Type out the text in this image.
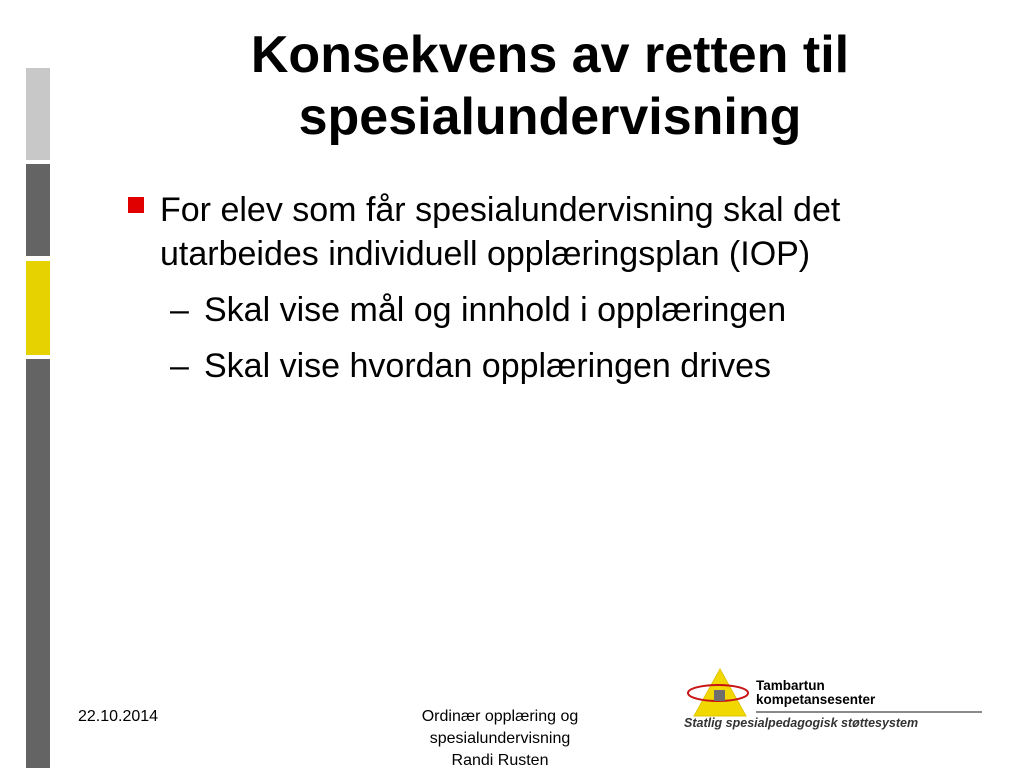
Konsekvens av retten til
spesialundervisning
For elev som får spesialundervisning skal det
utarbeides individuell opplæringsplan (IOP)
– Skal vise mål og innhold i opplæringen
– Skal vise hvordan opplæringen drives
22.10.2014	Ordinær opplæring og
spesialundervisning
Randi Rusten
Tambartun
kompetansesenter
Statlig spesialpedagogisk støttesystem
